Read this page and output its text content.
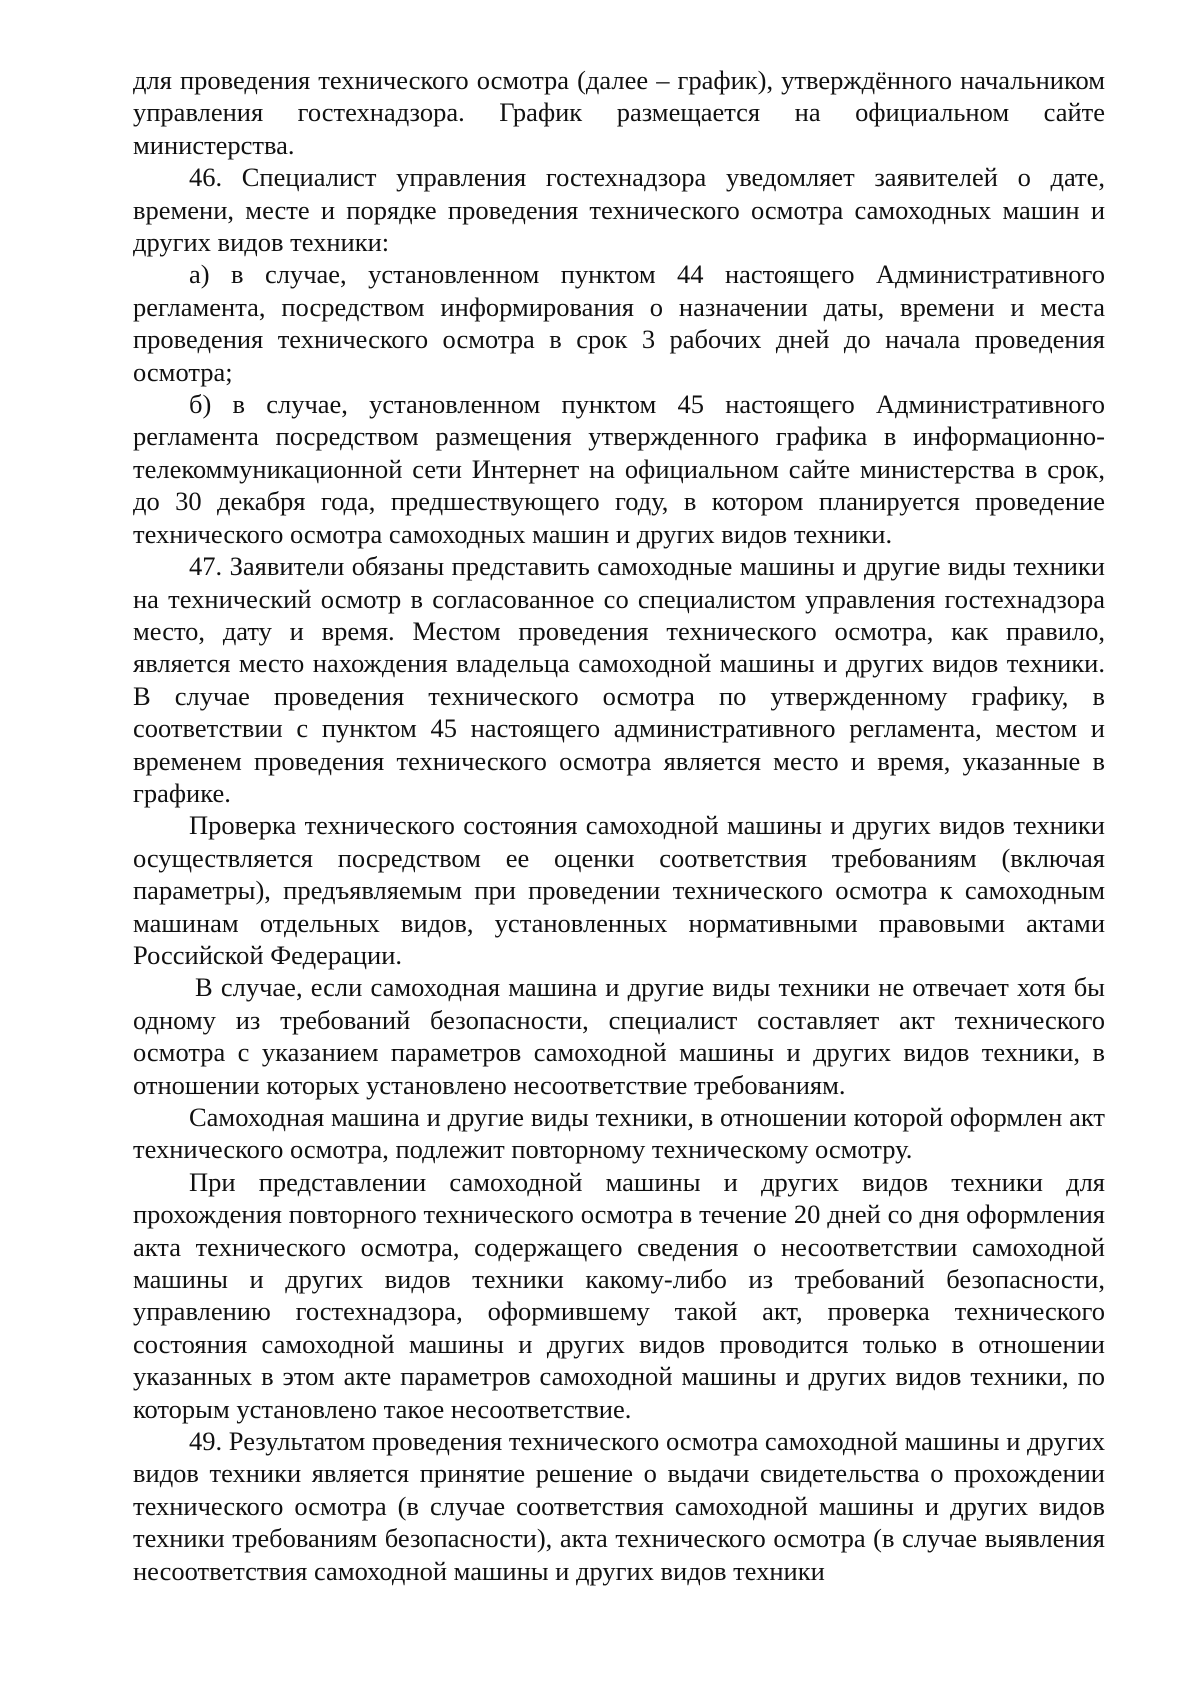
для проведения технического осмотра (далее – график), утверждённого начальником управления гостехнадзора. График размещается на официальном сайте министерства.

46. Специалист управления гостехнадзора уведомляет заявителей о дате, времени, месте и порядке проведения технического осмотра самоходных машин и других видов техники:

а) в случае, установленном пунктом 44 настоящего Административного регламента, посредством информирования о назначении даты, времени и места проведения технического осмотра в срок 3 рабочих дней до начала проведения осмотра;

б) в случае, установленном пунктом 45 настоящего Административного регламента посредством размещения утвержденного графика в информационно-телекоммуникационной сети Интернет на официальном сайте министерства в срок, до 30 декабря года, предшествующего году, в котором планируется проведение технического осмотра самоходных машин и других видов техники.

47. Заявители обязаны представить самоходные машины и другие виды техники на технический осмотр в согласованное со специалистом управления гостехнадзора место, дату и время. Местом проведения технического осмотра, как правило, является место нахождения владельца самоходной машины и других видов техники. В случае проведения технического осмотра по утвержденному графику, в соответствии с пунктом 45 настоящего административного регламента, местом и временем проведения технического осмотра является место и время, указанные в графике.

Проверка технического состояния самоходной машины и других видов техники осуществляется посредством ее оценки соответствия требованиям (включая параметры), предъявляемым при проведении технического осмотра к самоходным машинам отдельных видов, установленных нормативными правовыми актами Российской Федерации.

В случае, если самоходная машина и другие виды техники не отвечает хотя бы одному из требований безопасности, специалист составляет акт технического осмотра с указанием параметров самоходной машины и других видов техники, в отношении которых установлено несоответствие требованиям.

Самоходная машина и другие виды техники, в отношении которой оформлен акт технического осмотра, подлежит повторному техническому осмотру.

При представлении самоходной машины и других видов техники для прохождения повторного технического осмотра в течение 20 дней со дня оформления акта технического осмотра, содержащего сведения о несоответствии самоходной машины и других видов техники какому-либо из требований безопасности, управлению гостехнадзора, оформившему такой акт, проверка технического состояния самоходной машины и других видов проводится только в отношении указанных в этом акте параметров самоходной машины и других видов техники, по которым установлено такое несоответствие.

49. Результатом проведения технического осмотра самоходной машины и других видов техники является принятие решение о выдачи свидетельства о прохождении технического осмотра (в случае соответствия самоходной машины и других видов техники требованиям безопасности), акта технического осмотра (в случае выявления несоответствия самоходной машины и других видов техники
